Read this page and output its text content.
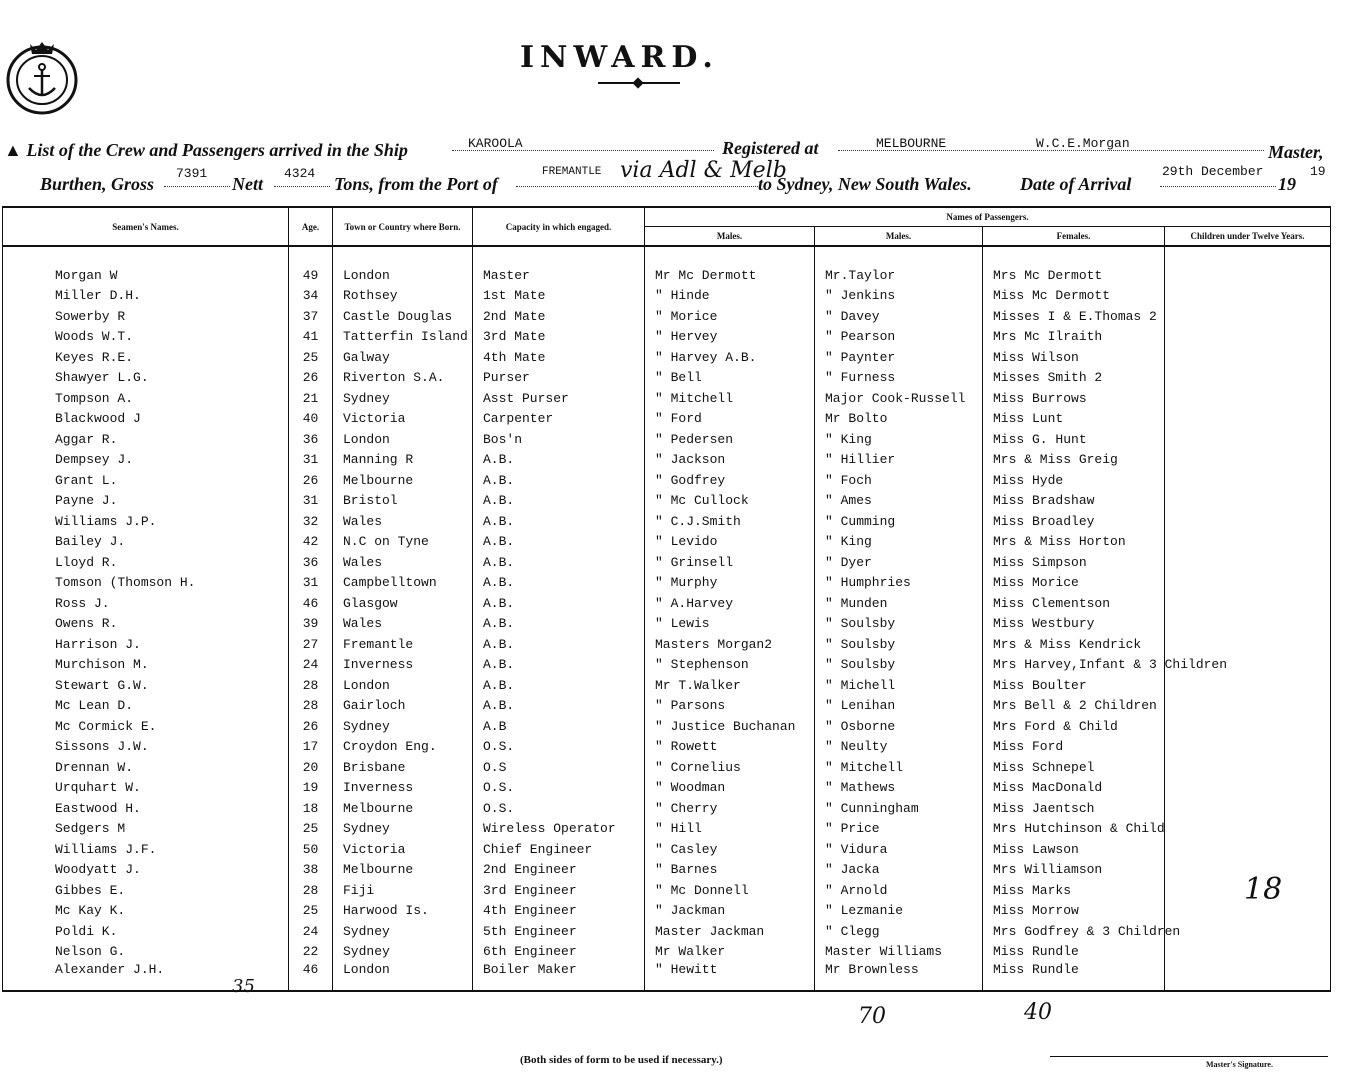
INWARD.
▲ List of the Crew and Passengers arrived in the Ship	KAROOLA	Registered at	MELBOURNE	W.C.E.Morgan	Master,
Burthen, Gross
7391
Nett
4324
Tons, from the Port of
FREMANTLE via Adl & Melb
to Sydney, New South Wales.	Date of Arrival
29th December
19
19
Seamen's Names.	Age.	Town or Country where Born.	Capacity in which engaged.	Names of Passengers.			
				Males.	Males.	Females.	Children under Twelve Years.

Morgan W	49	London	Master	Mr Mc Dermott	Mr.Taylor	Mrs Mc Dermott	
Miller D.H.	34	Rothsey	1st Mate	" Hinde	" Jenkins	Miss Mc Dermott	
Sowerby R	37	Castle Douglas	2nd Mate	" Morice	" Davey	Misses I & E.Thomas 2	
Woods W.T.	41	Tatterfin Island	3rd Mate	" Hervey	" Pearson	Mrs Mc Ilraith	
Keyes R.E.	25	Galway	4th Mate	" Harvey A.B.	" Paynter	Miss Wilson	
Shawyer L.G.	26	Riverton S.A.	Purser	" Bell	" Furness	Misses Smith 2	
Tompson A.	21	Sydney	Asst Purser	" Mitchell	Major Cook-Russell	Miss Burrows	
Blackwood J	40	Victoria	Carpenter	" Ford	Mr Bolto	Miss Lunt	
Aggar R.	36	London	Bos'n	" Pedersen	" King	Miss G. Hunt	
Dempsey J.	31	Manning R	A.B.	" Jackson	" Hillier	Mrs & Miss Greig	
Grant L.	26	Melbourne	A.B.	" Godfrey	" Foch	Miss Hyde	
Payne J.	31	Bristol	A.B.	" Mc Cullock	" Ames	Miss Bradshaw	
Williams J.P.	32	Wales	A.B.	" C.J.Smith	" Cumming	Miss Broadley	
Bailey J.	42	N.C on Tyne	A.B.	" Levido	" King	Mrs & Miss Horton	
Lloyd R.	36	Wales	A.B.	" Grinsell	" Dyer	Miss Simpson	
Tomson (Thomson H.	31	Campbelltown	A.B.	" Murphy	" Humphries	Miss Morice	
Ross J.	46	Glasgow	A.B.	" A.Harvey	" Munden	Miss Clementson	
Owens R.	39	Wales	A.B.	" Lewis	" Soulsby	Miss Westbury	
Harrison J.	27	Fremantle	A.B.	Masters Morgan2	" Soulsby	Mrs & Miss Kendrick	
Murchison M.	24	Inverness	A.B.	" Stephenson	" Soulsby	Mrs Harvey,Infant & 3 Children	
Stewart G.W.	28	London	A.B.	Mr T.Walker	" Michell	Miss Boulter	
Mc Lean D.	28	Gairloch	A.B.	" Parsons	" Lenihan	Mrs Bell & 2 Children	
Mc Cormick E.	26	Sydney	A.B	" Justice Buchanan	" Osborne	Mrs Ford & Child	
Sissons J.W.	17	Croydon Eng.	O.S.	" Rowett	" Neulty	Miss Ford	
Drennan W.	20	Brisbane	O.S	" Cornelius	" Mitchell	Miss Schnepel	
Urquhart W.	19	Inverness	O.S.	" Woodman	" Mathews	Miss MacDonald	
Eastwood H.	18	Melbourne	O.S.	" Cherry	" Cunningham	Miss Jaentsch	
Sedgers M	25	Sydney	Wireless Operator	" Hill	" Price	Mrs Hutchinson & Child	
Williams J.F.	50	Victoria	Chief Engineer	" Casley	" Vidura	Miss Lawson	
Woodyatt J.	38	Melbourne	2nd Engineer	" Barnes	" Jacka	Mrs Williamson	
Gibbes E.	28	Fiji	3rd Engineer	" Mc Donnell	" Arnold	Miss Marks	
Mc Kay K.	25	Harwood Is.	4th Engineer	" Jackman	" Lezmanie	Miss Morrow	
Poldi K.	24	Sydney	5th Engineer	Master Jackman	" Clegg	Mrs Godfrey & 3 Children	
Nelson G.	22	Sydney	6th Engineer	Mr Walker	Master Williams	Miss Rundle	
Alexander J.H.	46	London	Boiler Maker	" Hewitt	Mr Brownless	Miss Rundle	
18
35
70	40
(Both sides of form to be used if necessary.)	Master's Signature.
